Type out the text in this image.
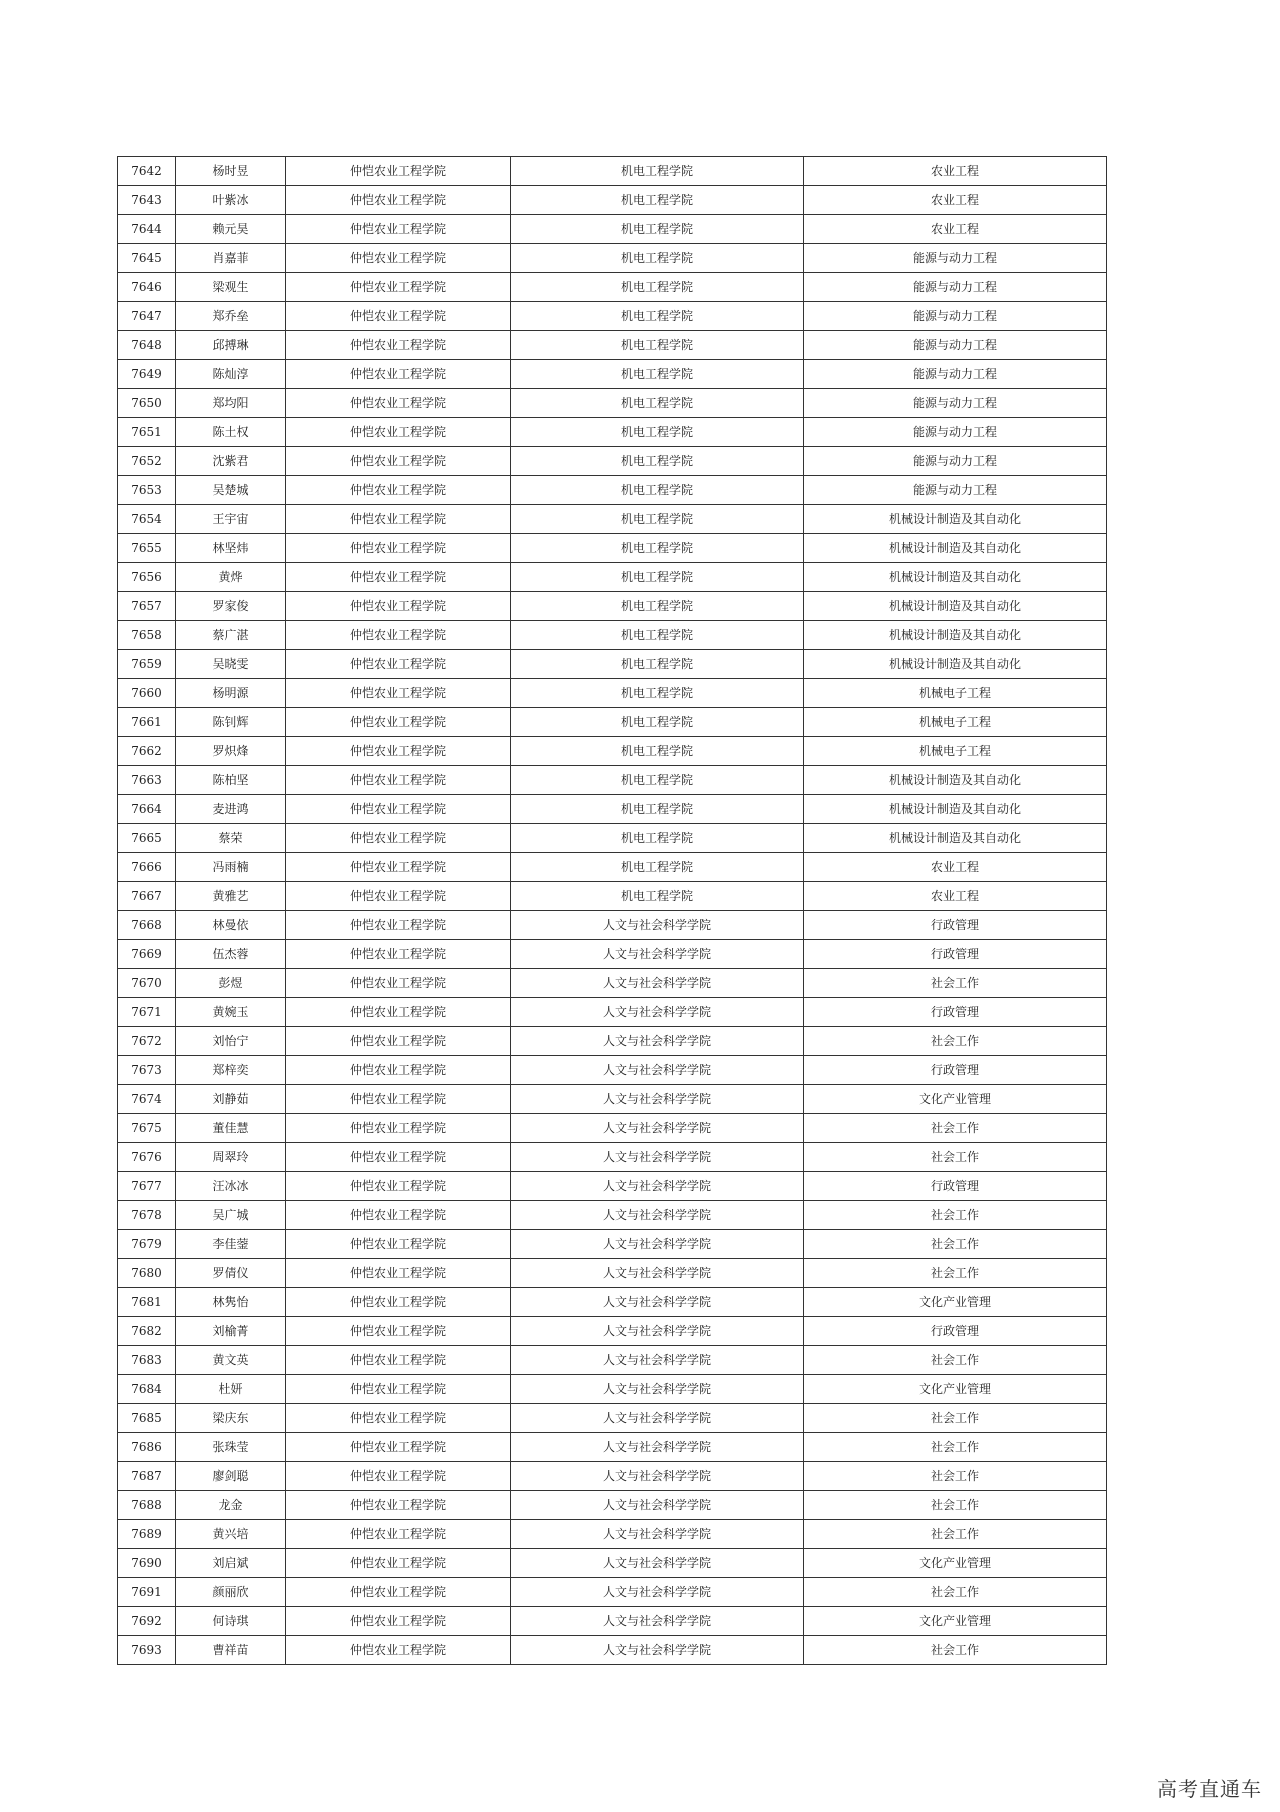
7642	杨时昱	仲恺农业工程学院	机电工程学院	农业工程
7643	叶紫冰	仲恺农业工程学院	机电工程学院	农业工程
7644	赖元昊	仲恺农业工程学院	机电工程学院	农业工程
7645	肖嘉菲	仲恺农业工程学院	机电工程学院	能源与动力工程
7646	梁观生	仲恺农业工程学院	机电工程学院	能源与动力工程
7647	郑乔垒	仲恺农业工程学院	机电工程学院	能源与动力工程
7648	邱搏琳	仲恺农业工程学院	机电工程学院	能源与动力工程
7649	陈灿淳	仲恺农业工程学院	机电工程学院	能源与动力工程
7650	郑均阳	仲恺农业工程学院	机电工程学院	能源与动力工程
7651	陈土权	仲恺农业工程学院	机电工程学院	能源与动力工程
7652	沈紫君	仲恺农业工程学院	机电工程学院	能源与动力工程
7653	吴楚城	仲恺农业工程学院	机电工程学院	能源与动力工程
7654	王宇宙	仲恺农业工程学院	机电工程学院	机械设计制造及其自动化
7655	林坚炜	仲恺农业工程学院	机电工程学院	机械设计制造及其自动化
7656	黄烨	仲恺农业工程学院	机电工程学院	机械设计制造及其自动化
7657	罗家俊	仲恺农业工程学院	机电工程学院	机械设计制造及其自动化
7658	蔡广湛	仲恺农业工程学院	机电工程学院	机械设计制造及其自动化
7659	吴晓雯	仲恺农业工程学院	机电工程学院	机械设计制造及其自动化
7660	杨明源	仲恺农业工程学院	机电工程学院	机械电子工程
7661	陈钊辉	仲恺农业工程学院	机电工程学院	机械电子工程
7662	罗炽烽	仲恺农业工程学院	机电工程学院	机械电子工程
7663	陈柏坚	仲恺农业工程学院	机电工程学院	机械设计制造及其自动化
7664	麦进鸿	仲恺农业工程学院	机电工程学院	机械设计制造及其自动化
7665	蔡荣	仲恺农业工程学院	机电工程学院	机械设计制造及其自动化
7666	冯雨楠	仲恺农业工程学院	机电工程学院	农业工程
7667	黄雅艺	仲恺农业工程学院	机电工程学院	农业工程
7668	林曼依	仲恺农业工程学院	人文与社会科学学院	行政管理
7669	伍杰蓉	仲恺农业工程学院	人文与社会科学学院	行政管理
7670	彭煜	仲恺农业工程学院	人文与社会科学学院	社会工作
7671	黄婉玉	仲恺农业工程学院	人文与社会科学学院	行政管理
7672	刘怡宁	仲恺农业工程学院	人文与社会科学学院	社会工作
7673	郑梓奕	仲恺农业工程学院	人文与社会科学学院	行政管理
7674	刘静茹	仲恺农业工程学院	人文与社会科学学院	文化产业管理
7675	董佳慧	仲恺农业工程学院	人文与社会科学学院	社会工作
7676	周翠玲	仲恺农业工程学院	人文与社会科学学院	社会工作
7677	汪冰冰	仲恺农业工程学院	人文与社会科学学院	行政管理
7678	吴广城	仲恺农业工程学院	人文与社会科学学院	社会工作
7679	李佳蓥	仲恺农业工程学院	人文与社会科学学院	社会工作
7680	罗倩仪	仲恺农业工程学院	人文与社会科学学院	社会工作
7681	林隽怡	仲恺农业工程学院	人文与社会科学学院	文化产业管理
7682	刘榆菁	仲恺农业工程学院	人文与社会科学学院	行政管理
7683	黄文英	仲恺农业工程学院	人文与社会科学学院	社会工作
7684	杜妍	仲恺农业工程学院	人文与社会科学学院	文化产业管理
7685	梁庆东	仲恺农业工程学院	人文与社会科学学院	社会工作
7686	张珠莹	仲恺农业工程学院	人文与社会科学学院	社会工作
7687	廖剑聪	仲恺农业工程学院	人文与社会科学学院	社会工作
7688	龙金	仲恺农业工程学院	人文与社会科学学院	社会工作
7689	黄兴培	仲恺农业工程学院	人文与社会科学学院	社会工作
7690	刘启斌	仲恺农业工程学院	人文与社会科学学院	文化产业管理
7691	颜丽欣	仲恺农业工程学院	人文与社会科学学院	社会工作
7692	何诗琪	仲恺农业工程学院	人文与社会科学学院	文化产业管理
7693	曹祥苗	仲恺农业工程学院	人文与社会科学学院	社会工作
高考直通车
